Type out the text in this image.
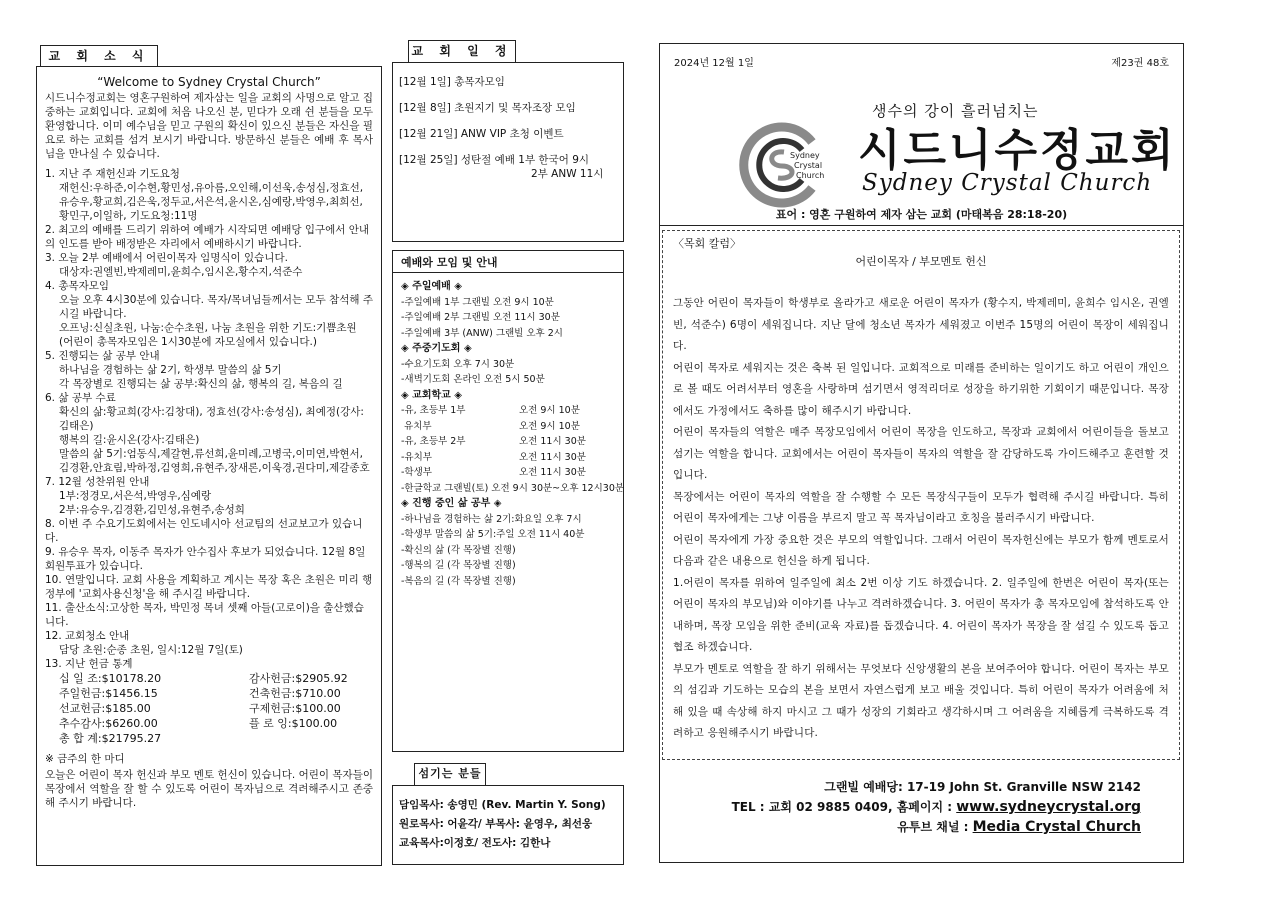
교 회 소 식
“Welcome to Sydney Crystal Church”
시드니수정교회는 영혼구원하여 제자삼는 일을 교회의 사명으로 알고 집중하는 교회입니다. 교회에 처음 나오신 분, 믿다가 오래 쉰 분들을 모두 환영합니다. 이미 예수님을 믿고 구원의 확신이 있으신 분들은 자신을 필요로 하는 교회를 섬겨 보시기 바랍니다. 방문하신 분들은 예배 후 목사님을 만나실 수 있습니다.
1. 지난 주 재헌신과 기도요청
재헌신:우하준,이수현,황민성,유아름,오인해,이선욱,송성심,정효선,유승우,황교희,김은욱,정두교,서은석,윤시온,심예랑,박영우,최희선,황민구,이일하, 기도요청:11명
2. 최고의 예배를 드리기 위하여 예배가 시작되면 예배당 입구에서 안내의 인도를 받아 배정받은 자리에서 예배하시기 바랍니다.
3. 오늘 2부 예배에서 어린이목자 임명식이 있습니다.
대상자:권엘빈,박제레미,윤희수,임시온,황수지,석준수
4. 총목자모임
오늘 오후 4시30분에 있습니다. 목자/목녀님들께서는 모두 참석해 주시길 바랍니다.
오프닝:신실초원, 나눔:순수초원, 나눔 초원을 위한 기도:기쁨초원
(어린이 총목자모임은 1시30분에 자모실에서 있습니다.)
5. 진행되는 삶 공부 안내
하나님을 경험하는 삶 2기, 학생부 말씀의 삶 5기
각 목장별로 진행되는 삶 공부:확신의 삶, 행복의 길, 복음의 길
6. 삶 공부 수료
확신의 삶:황교희(강사:김창대), 정효선(강사:송성심), 최예정(강사:김태은)
행복의 길:윤시온(강사:김태은)
말씀의 삶 5기:엄동식,제갈현,류선희,윤미례,고병국,이미연,박현서,김경환,안효림,박하정,김영희,유현주,장새론,이욱경,권다미,제갈종호
7. 12월 성찬위원 안내
1부:정경모,서은석,박영우,심예랑
2부:유승우,김경환,김민성,유현주,송성희
8. 이번 주 수요기도회에서는 인도네시아 선교팀의 선교보고가 있습니다.
9. 유승우 목자, 이동주 목자가 안수집사 후보가 되었습니다. 12월 8일 회원투표가 있습니다.
10. 연말입니다. 교회 사용을 계획하고 계시는 목장 혹은 초원은 미리 행정부에 '교회사용신청'을 해 주시길 바랍니다.
11. 출산소식:고상한 목자, 박민정 목녀 셋째 아들(고로이)을 출산했습니다.
12. 교회청소 안내
담당 초원:순종 초원, 일시:12월 7일(토)
13. 지난 헌금 통계
십 일 조:$10178.20	감사헌금:$2905.92
주일헌금:$1456.15	건축헌금:$710.00
선교헌금:$185.00	구제헌금:$100.00
추수감사:$6260.00	플 로 잉:$100.00
총 합 계:$21795.27
※ 금주의 한 마디
오늘은 어린이 목자 헌신과 부모 멘토 헌신이 있습니다. 어린이 목자들이 목장에서 역할을 잘 할 수 있도록 어린이 목자님으로 격려해주시고 존중해 주시기 바랍니다.
교 회 일 정
[12월 1일] 총목자모임
[12월 8일] 초원지기 및 목자조장 모임
[12월 21일] ANW VIP 초청 이벤트
[12월 25일] 성탄절 예배 1부 한국어 9시
2부 ANW 11시
예배와 모임 및 안내
◈ 주일예배 ◈
-주일예배 1부 그랜빌 오전 9시 10분
-주일예배 2부 그랜빌 오전 11시 30분
-주일예배 3부 (ANW) 그랜빌 오후 2시
◈ 주중기도회 ◈
-수요기도회 오후 7시 30분
-새벽기도회 온라인 오전 5시 50분
◈ 교회학교 ◈
-유, 초등부 1부	오전 9시 10분
유치부	오전 9시 10분
-유, 초등부 2부	오전 11시 30분
-유치부	오전 11시 30분
-학생부	오전 11시 30분
-한글학교 그랜빌(토) 오전 9시 30분~오후 12시30분
◈ 진행 중인 삶 공부 ◈
-하나님을 경험하는 삶 2기:화요일 오후 7시
-학생부 말씀의 삶 5기:주일 오전 11시 40분
-확신의 삶 (각 목장별 진행)
-행복의 길 (각 목장별 진행)
-복음의 길 (각 목장별 진행)
섬기는 분들
담임목사: 송영민 (Rev. Martin Y. Song)
원로목사: 어윤각/ 부목사: 윤영우, 최선웅
교육목사:이정호/ 전도사: 김한나
2024년 12월 1일	제23권 48호
Sydney
Crystal
Church
생수의 강이 흘러넘치는
시드니수정교회
Sydney Crystal Church
표어 : 영혼 구원하여 제자 삼는 교회 (마태복음 28:18-20)
〈목회 칼럼〉
어린이목자 / 부모멘토 헌신

그동안 어린이 목자들이 학생부로 올라가고 새로운 어린이 목자가 (황수지, 박제레미, 윤희수 임시온, 권엘빈, 석준수) 6명이 세워집니다. 지난 달에 청소년 목자가 세워졌고 이번주 15명의 어린이 목장이 세워집니다.

어린이 목자로 세워지는 것은 축복 된 일입니다. 교회적으로 미래를 준비하는 일이기도 하고 어린이 개인으로 볼 때도 어려서부터 영혼을 사랑하며 섬기면서 영적리더로 성장을 하기위한 기회이기 때문입니다. 목장에서도 가정에서도 축하를 많이 해주시기 바랍니다.

어린이 목자들의 역할은 매주 목장모임에서 어린이 목장을 인도하고, 목장과 교회에서 어린이들을 돌보고 섬기는 역할을 합니다. 교회에서는 어린이 목자들이 목자의 역할을 잘 감당하도록 가이드해주고 훈련할 것입니다.

목장에서는 어린이 목자의 역할을 잘 수행할 수 모든 목장식구들이 모두가 협력해 주시길 바랍니다. 특히 어린이 목자에게는 그냥 이름을 부르지 말고 꼭 목자님이라고 호칭을 불러주시기 바랍니다.

어린이 목자에게 가장 중요한 것은 부모의 역할입니다. 그래서 어린이 목자헌신에는 부모가 함께 멘토로서 다음과 같은 내용으로 헌신을 하게 됩니다.

1.어린이 목자를 위하여 일주일에 최소 2번 이상 기도 하겠습니다. 2. 일주일에 한번은 어린이 목자(또는 어린이 목자의 부모님)와 이야기를 나누고 격려하겠습니다. 3. 어린이 목자가 총 목자모임에 참석하도록 안내하며, 목장 모임을 위한 준비(교육 자료)를 돕겠습니다. 4. 어린이 목자가 목장을 잘 섬길 수 있도록 돕고 협조 하겠습니다.

부모가 멘토로 역할을 잘 하기 위해서는 무엇보다 신앙생활의 본을 보여주어야 합니다. 어린이 목자는 부모의 섬김과 기도하는 모습의 본을 보면서 자연스럽게 보고 배울 것입니다. 특히 어린이 목자가 어려움에 처해 있을 때 속상해 하지 마시고 그 때가 성장의 기회라고 생각하시며 그 어려움을 지혜롭게 극복하도록 격려하고 응원해주시기 바랍니다.

그랜빌 예배당: 17-19 John St. Granville NSW 2142
TEL : 교회 02 9885 0409, 홈페이지 : www.sydneycrystal.org
유투브 채널 : Media Crystal Church
